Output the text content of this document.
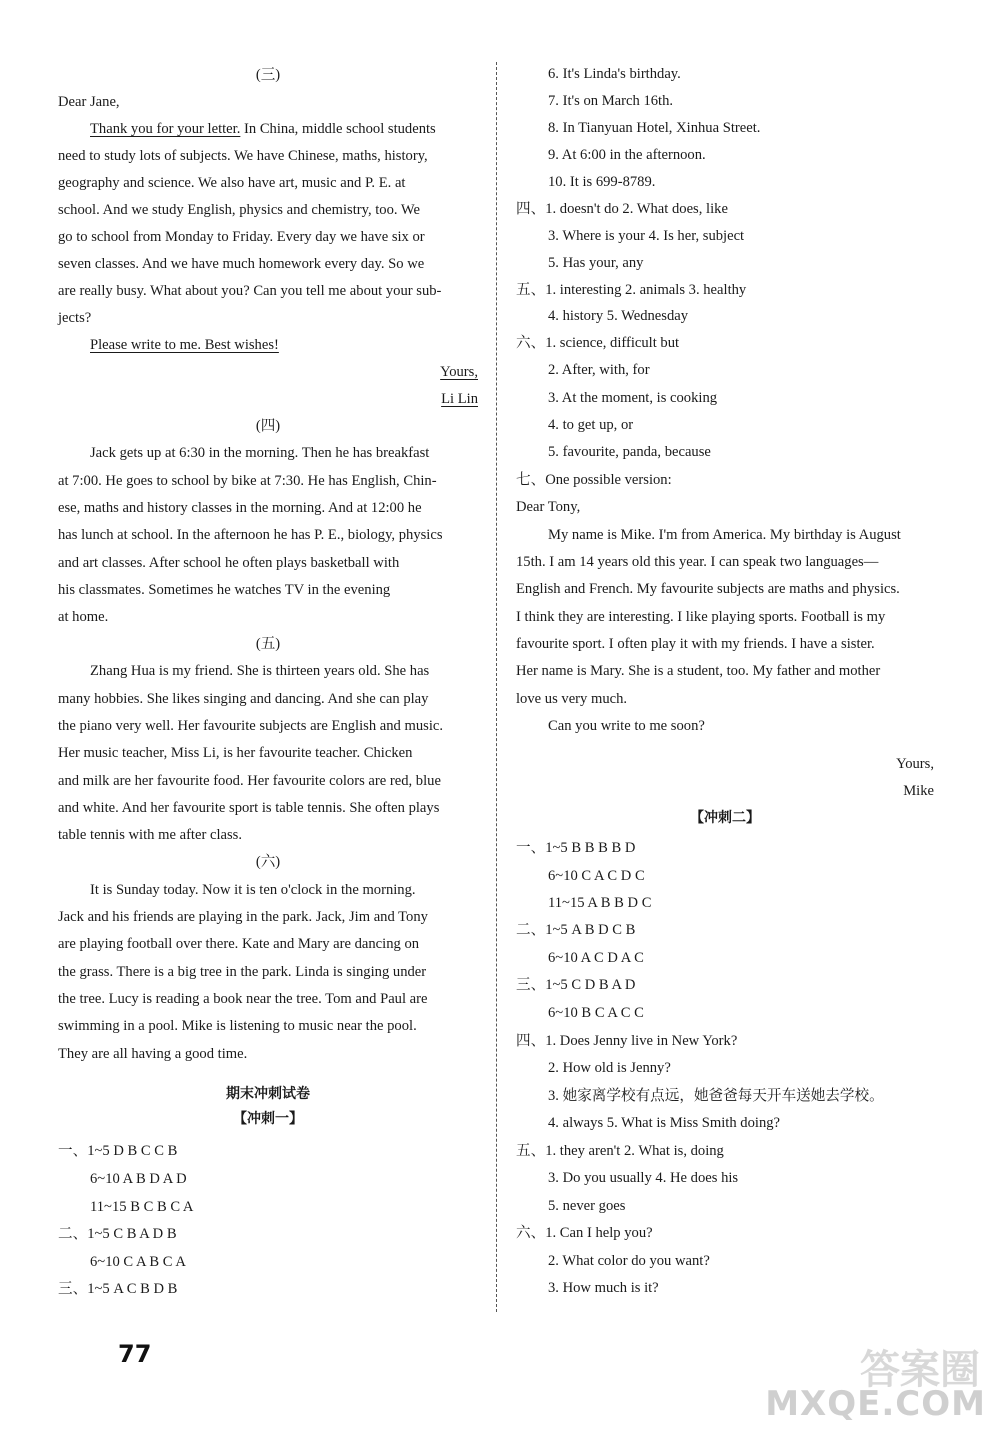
(三)
Dear Jane,
Thank you for your letter. In China, middle school students
need to study lots of subjects. We have Chinese, maths, history,
geography and science. We also have art, music and P. E. at
school. And we study English, physics and chemistry, too. We
go to school from Monday to Friday. Every day we have six or
seven classes. And we have much homework every day. So we
are really busy. What about you? Can you tell me about your sub-
jects?
Please write to me. Best wishes!
Yours,
Li Lin
(四)
Jack gets up at 6:30 in the morning. Then he has breakfast
at 7:00. He goes to school by bike at 7:30. He has English, Chin-
ese, maths and history classes in the morning. And at 12:00 he
has lunch at school. In the afternoon he has P. E., biology, physics
and art classes. After school he often plays basketball with
his classmates. Sometimes he watches TV in the evening
at home.
(五)
Zhang Hua is my friend. She is thirteen years old. She has
many hobbies. She likes singing and dancing. And she can play
the piano very well. Her favourite subjects are English and music.
Her music teacher, Miss Li, is her favourite teacher. Chicken
and milk are her favourite food. Her favourite colors are red, blue
and white. And her favourite sport is table tennis. She often plays
table tennis with me after class.
(六)
It is Sunday today. Now it is ten o'clock in the morning.
Jack and his friends are playing in the park. Jack, Jim and Tony
are playing football over there. Kate and Mary are dancing on
the grass. There is a big tree in the park. Linda is singing under
the tree. Lucy is reading a book near the tree. Tom and Paul are
swimming in a pool. Mike is listening to music near the pool.
They are all having a good time.
期末冲刺试卷
【冲刺一】
一、1~5 D B C C B
6~10 A B D A D
11~15 B C B C A
二、1~5 C B A D B
6~10 C A B C A
三、1~5 A C B D B
6. It's Linda's birthday.
7. It's on March 16th.
8. In Tianyuan Hotel, Xinhua Street.
9. At 6:00 in the afternoon.
10. It is 699-8789.
四、1. doesn't do 2. What does, like
3. Where is your 4. Is her, subject
5. Has your, any
五、1. interesting 2. animals 3. healthy
4. history 5. Wednesday
六、1. science, difficult but
2. After, with, for
3. At the moment, is cooking
4. to get up, or
5. favourite, panda, because
七、One possible version:
Dear Tony,
My name is Mike. I'm from America. My birthday is August
15th. I am 14 years old this year. I can speak two languages—
English and French. My favourite subjects are maths and physics.
I think they are interesting. I like playing sports. Football is my
favourite sport. I often play it with my friends. I have a sister.
Her name is Mary. She is a student, too. My father and mother
love us very much.
Can you write to me soon?
Yours,
Mike
【冲刺二】
一、1~5 B B B B D
6~10 C A C D C
11~15 A B B D C
二、1~5 A B D C B
6~10 A C D A C
三、1~5 C D B A D
6~10 B C A C C
四、1. Does Jenny live in New York?
2. How old is Jenny?
3. 她家离学校有点远，她爸爸每天开车送她去学校。
4. always 5. What is Miss Smith doing?
五、1. they aren't 2. What is, doing
3. Do you usually 4. He does his
5. never goes
六、1. Can I help you?
2. What color do you want?
3. How much is it?
77	答案圈
MXQE.COM
